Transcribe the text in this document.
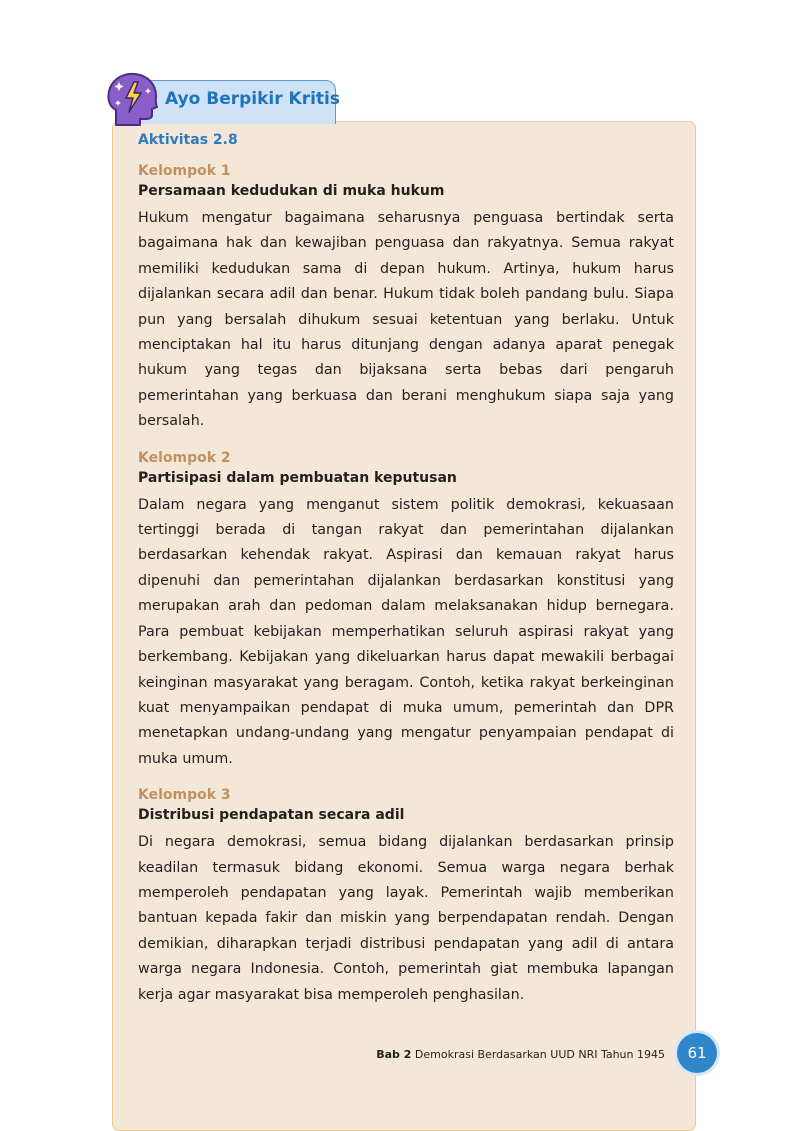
Ayo Berpikir Kritis
Aktivitas 2.8
Kelompok 1
Persamaan kedudukan di muka hukum

Hukum mengatur bagaimana seharusnya penguasa bertindak serta bagaimana hak dan kewajiban penguasa dan rakyatnya. Semua rakyat memiliki kedudukan sama di depan hukum. Artinya, hukum harus dijalankan secara adil dan benar. Hukum tidak boleh pandang bulu. Siapa pun yang bersalah dihukum sesuai ketentuan yang berlaku. Untuk menciptakan hal itu harus ditunjang dengan adanya aparat penegak hukum yang tegas dan bijaksana serta bebas dari pengaruh pemerintahan yang berkuasa dan berani menghukum siapa saja yang bersalah.

Kelompok 2
Partisipasi dalam pembuatan keputusan

Dalam negara yang menganut sistem politik demokrasi, kekuasaan tertinggi berada di tangan rakyat dan pemerintahan dijalankan berdasarkan kehendak rakyat. Aspirasi dan kemauan rakyat harus dipenuhi dan pemerintahan dijalankan berdasarkan konstitusi yang merupakan arah dan pedoman dalam melaksanakan hidup bernegara. Para pembuat kebijakan memperhatikan seluruh aspirasi rakyat yang berkembang. Kebijakan yang dikeluarkan harus dapat mewakili berbagai keinginan masyarakat yang beragam. Contoh, ketika rakyat berkeinginan kuat menyampaikan pendapat di muka umum, pemerintah dan DPR menetapkan undang-undang yang mengatur penyampaian pendapat di muka umum.

Kelompok 3
Distribusi pendapatan secara adil

Di negara demokrasi, semua bidang dijalankan berdasarkan prinsip keadilan termasuk bidang ekonomi. Semua warga negara berhak memperoleh pendapatan yang layak. Pemerintah wajib memberikan bantuan kepada fakir dan miskin yang berpendapatan rendah. Dengan demikian, diharapkan terjadi distribusi pendapatan yang adil di antara warga negara Indonesia. Contoh, pemerintah giat membuka lapangan kerja agar masyarakat bisa memperoleh penghasilan.

Bab 2 Demokrasi Berdasarkan UUD NRI Tahun 1945	61
